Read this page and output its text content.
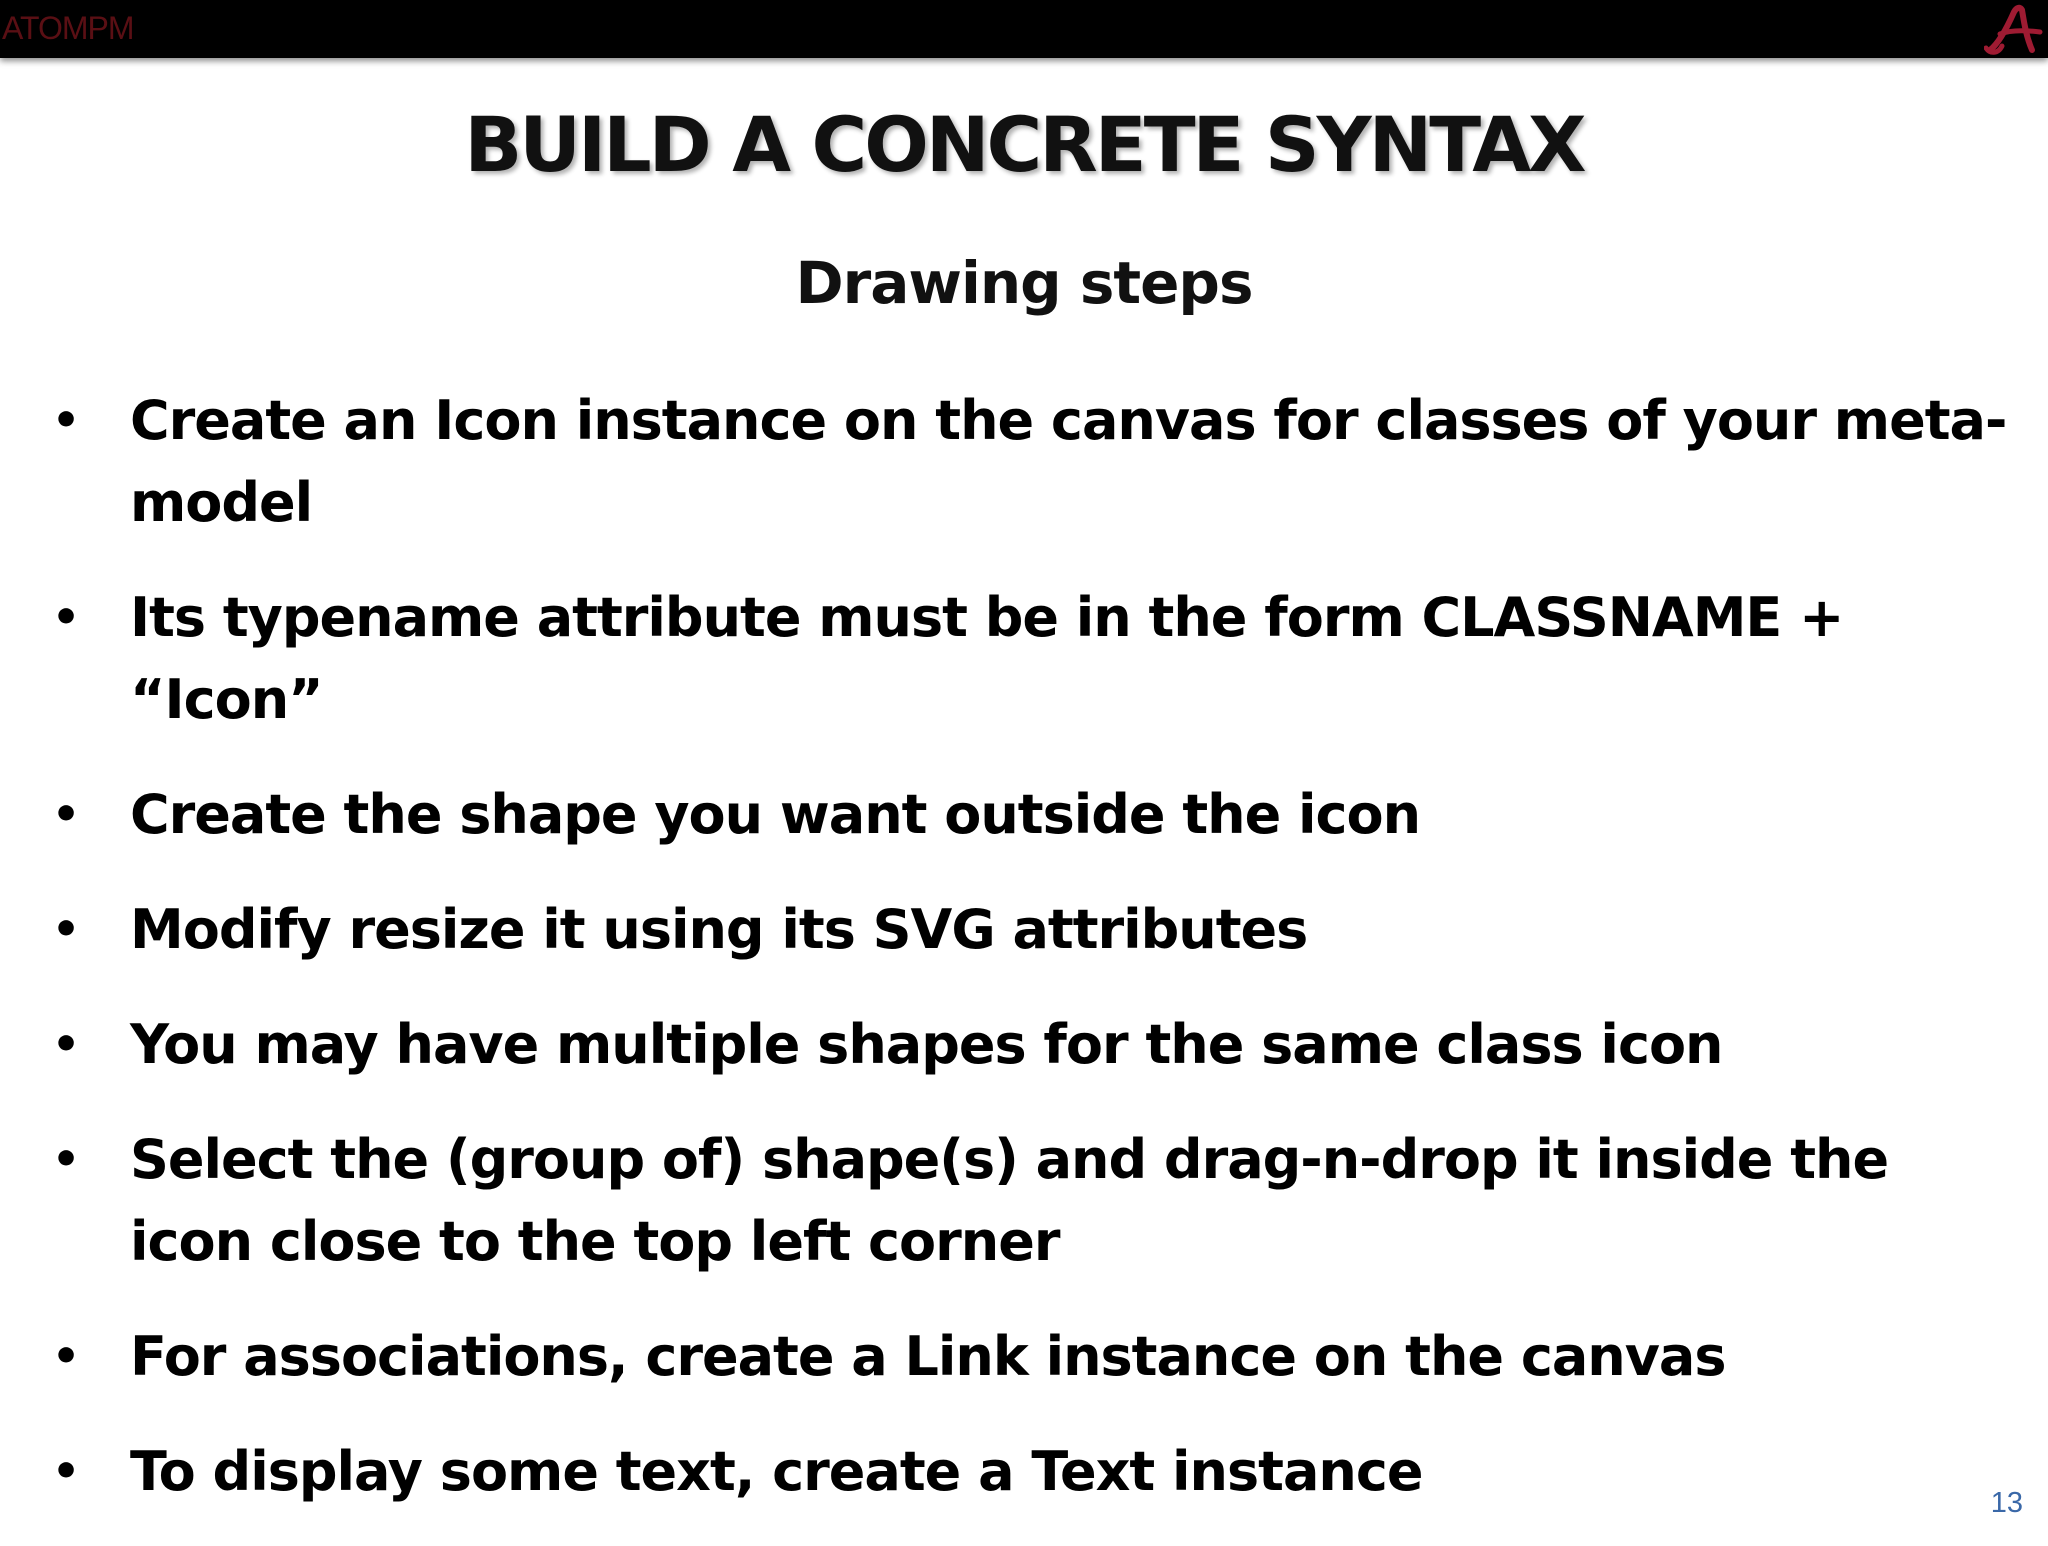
ATOMPM
BUILD A CONCRETE SYNTAX
Drawing steps
• Create an Icon instance on the canvas for classes of your meta-model
• Its typename attribute must be in the form CLASSNAME + “Icon”
• Create the shape you want outside the icon
• Modify resize it using its SVG attributes
• You may have multiple shapes for the same class icon
• Select the (group of) shape(s) and drag-n-drop it inside the icon close to the top left corner
• For associations, create a Link instance on the canvas
• To display some text, create a Text instance	13
